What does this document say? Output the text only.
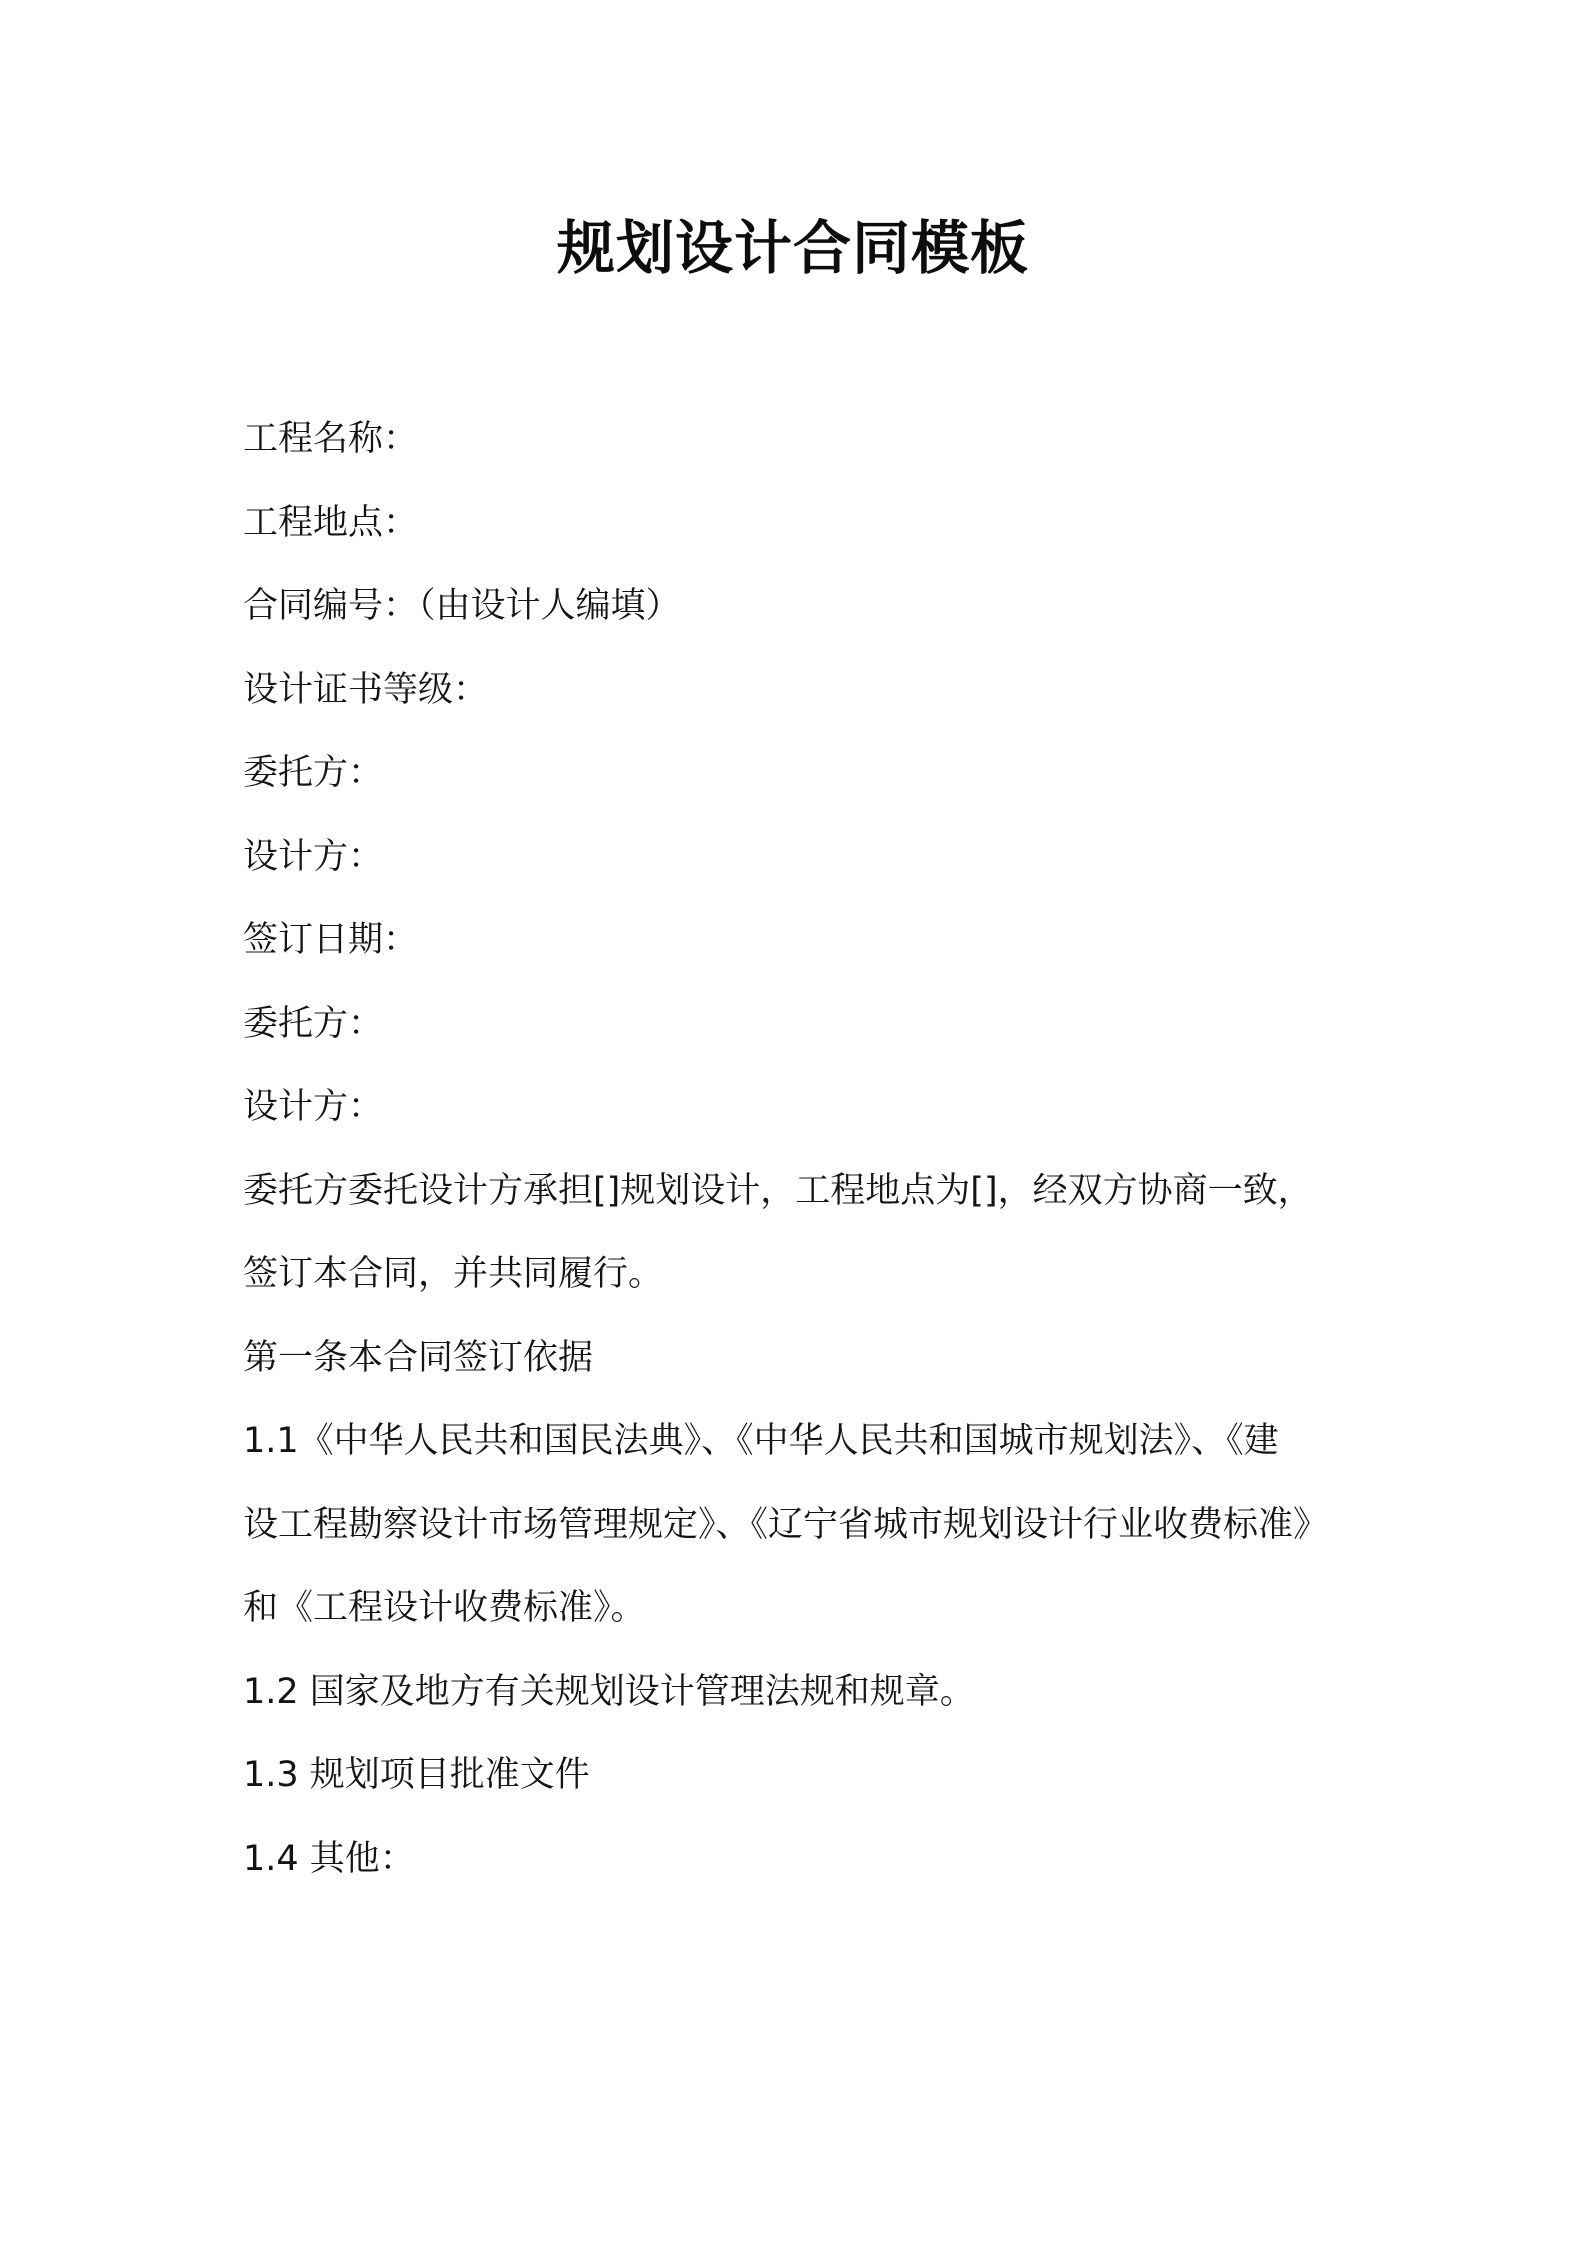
规划设计合同模板
工程名称：
工程地点：
合同编号：（由设计人编填）
设计证书等级：
委托方：
设计方：
签订日期：
委托方：
设计方：
委托方委托设计方承担[]规划设计，工程地点为[]，经双方协商一致，
签订本合同，并共同履行。
第一条本合同签订依据
1.1《中华人民共和国民法典》、《中华人民共和国城市规划法》、《建
设工程勘察设计市场管理规定》、《辽宁省城市规划设计行业收费标准》
和《工程设计收费标准》。
1.2 国家及地方有关规划设计管理法规和规章。
1.3 规划项目批准文件
1.4 其他：
